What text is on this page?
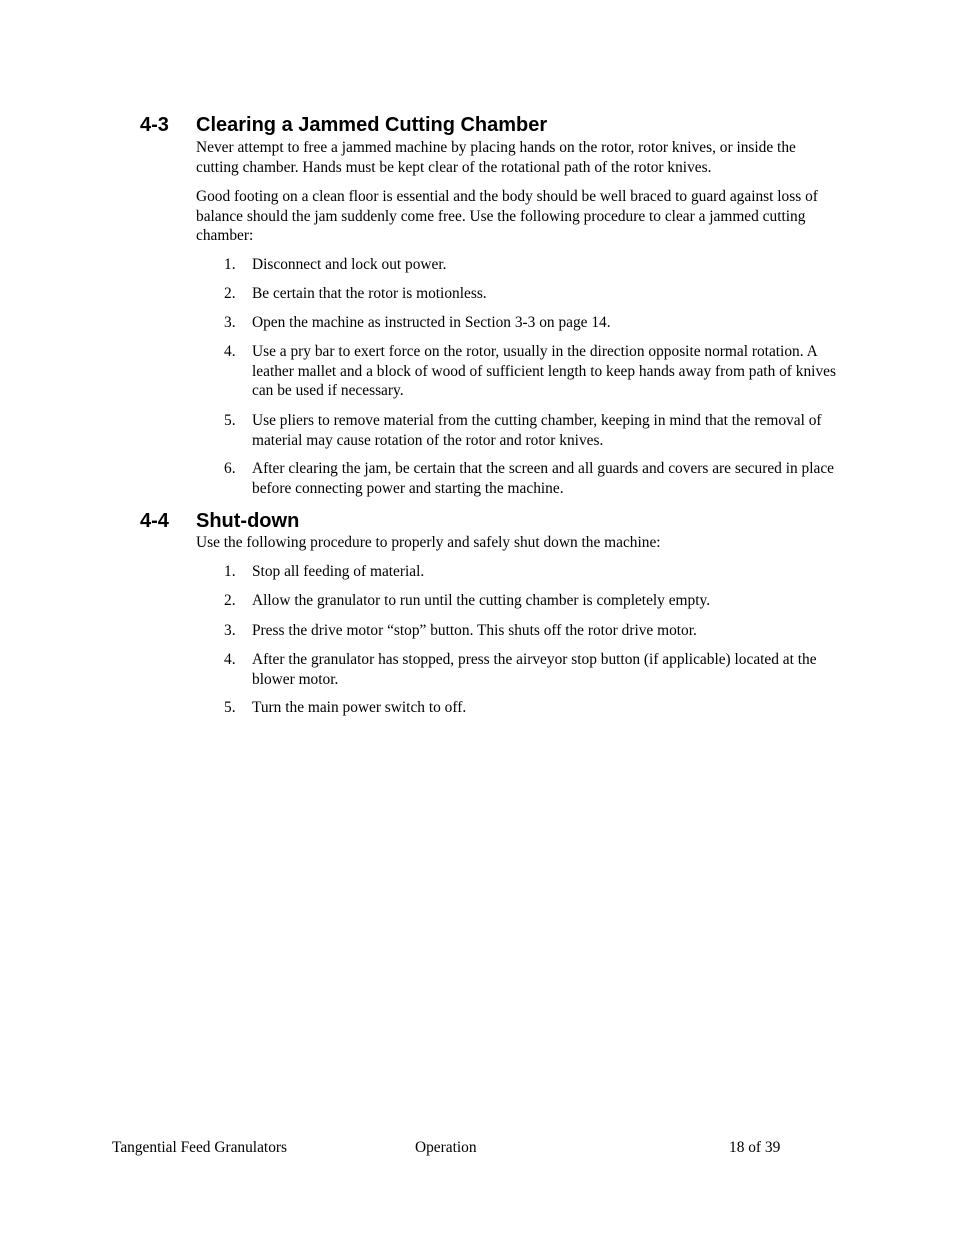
4-3 Clearing a Jammed Cutting Chamber

Never attempt to free a jammed machine by placing hands on the rotor, rotor knives, or inside the cutting chamber. Hands must be kept clear of the rotational path of the rotor knives.

Good footing on a clean floor is essential and the body should be well braced to guard against loss of balance should the jam suddenly come free. Use the following procedure to clear a jammed cutting chamber:

1.	Disconnect and lock out power.
2.	Be certain that the rotor is motionless.
3.	Open the machine as instructed in Section 3-3 on page 14.
4.	Use a pry bar to exert force on the rotor, usually in the direction opposite normal rotation. A leather mallet and a block of wood of sufficient length to keep hands away from path of knives can be used if necessary.
5.	Use pliers to remove material from the cutting chamber, keeping in mind that the removal of material may cause rotation of the rotor and rotor knives.
6.	After clearing the jam, be certain that the screen and all guards and covers are secured in place before connecting power and starting the machine.
4-4 Shut-down

Use the following procedure to properly and safely shut down the machine:

1.	Stop all feeding of material.
2.	Allow the granulator to run until the cutting chamber is completely empty.
3.	Press the drive motor “stop” button. This shuts off the rotor drive motor.
4.	After the granulator has stopped, press the airveyor stop button (if applicable) located at the blower motor.
5.	Turn the main power switch to off.
Tangential Feed Granulators	Operation	18 of 39
